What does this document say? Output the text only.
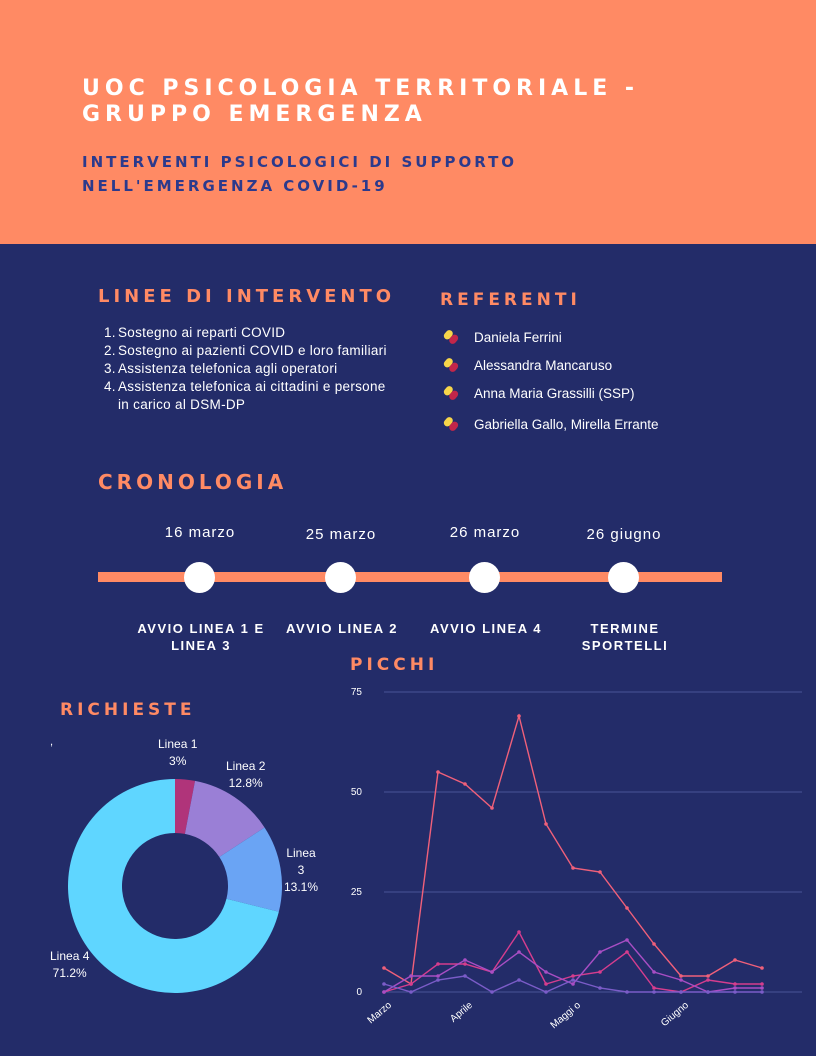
UOC PSICOLOGIA TERRITORIALE - GRUPPO EMERGENZA
INTERVENTI PSICOLOGICI DI SUPPORTO NELL'EMERGENZA COVID-19
LINEE DI INTERVENTO
1. Sostegno ai reparti COVID
2. Sostegno ai pazienti COVID e loro familiari
3. Assistenza telefonica agli operatori
4. Assistenza telefonica ai cittadini e persone in carico al DSM-DP
REFERENTI
Daniela Ferrini
Alessandra Mancaruso
Anna Maria Grassilli (SSP)
Gabriella Gallo, Mirella Errante
CRONOLOGIA
16 marzo	25 marzo	26 marzo	26 giugno
AVVIO LINEA 1 E LINEA 3
AVVIO LINEA 2	AVVIO LINEA 4	TERMINE SPORTELLI
RICHIESTE
,	Linea 1
3%	Linea 2
12.8%
Linea 3
13.1%
Linea 4
71.2%
PICCHI
0
25
50
75
Marzo	Aprile	Maggi o	Giugno
